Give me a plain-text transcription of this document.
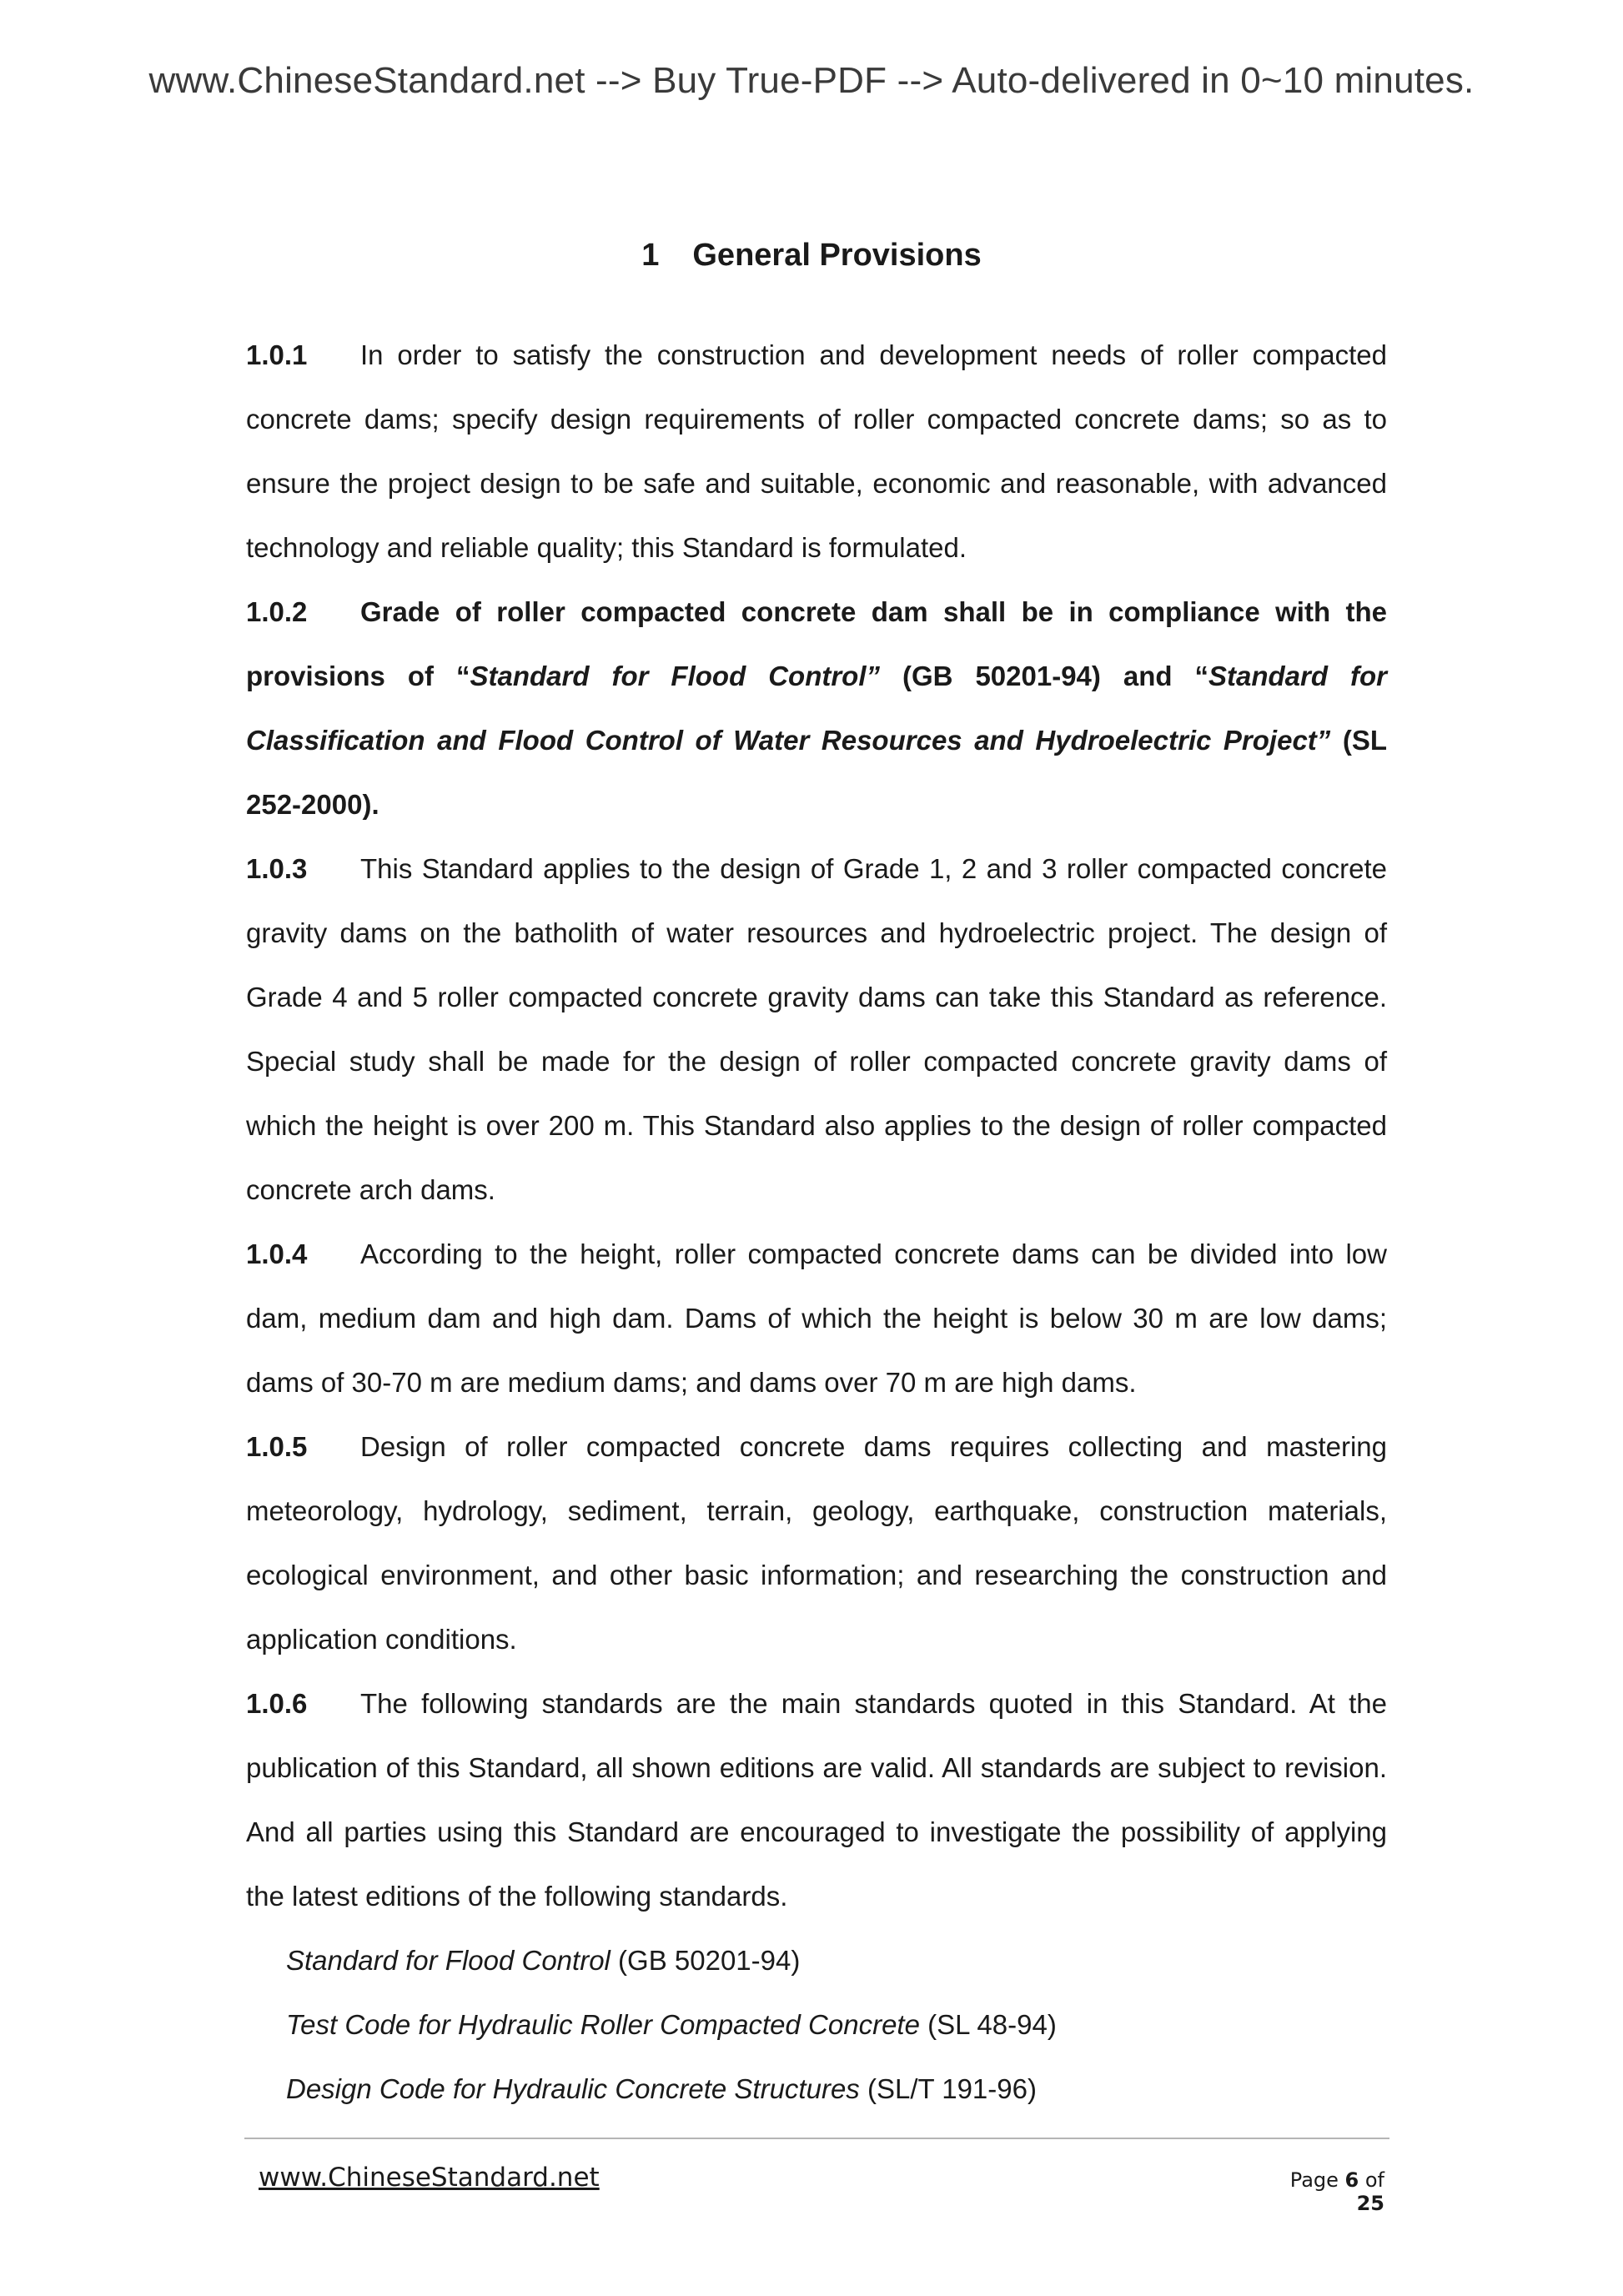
www.ChineseStandard.net --> Buy True-PDF --> Auto-delivered in 0~10 minutes.
1 General Provisions

1.0.1 In order to satisfy the construction and development needs of roller compacted concrete dams; specify design requirements of roller compacted concrete dams; so as to ensure the project design to be safe and suitable, economic and reasonable, with advanced technology and reliable quality; this Standard is formulated.

1.0.2 Grade of roller compacted concrete dam shall be in compliance with the provisions of “Standard for Flood Control” (GB 50201-94) and “Standard for Classification and Flood Control of Water Resources and Hydroelectric Project” (SL 252-2000).

1.0.3 This Standard applies to the design of Grade 1, 2 and 3 roller compacted concrete gravity dams on the batholith of water resources and hydroelectric project. The design of Grade 4 and 5 roller compacted concrete gravity dams can take this Standard as reference. Special study shall be made for the design of roller compacted concrete gravity dams of which the height is over 200 m. This Standard also applies to the design of roller compacted concrete arch dams.

1.0.4 According to the height, roller compacted concrete dams can be divided into low dam, medium dam and high dam. Dams of which the height is below 30 m are low dams; dams of 30-70 m are medium dams; and dams over 70 m are high dams.

1.0.5 Design of roller compacted concrete dams requires collecting and mastering meteorology, hydrology, sediment, terrain, geology, earthquake, construction materials, ecological environment, and other basic information; and researching the construction and application conditions.

1.0.6 The following standards are the main standards quoted in this Standard. At the publication of this Standard, all shown editions are valid. All standards are subject to revision. And all parties using this Standard are encouraged to investigate the possibility of applying the latest editions of the following standards.

Standard for Flood Control (GB 50201-94)

Test Code for Hydraulic Roller Compacted Concrete (SL 48-94)

Design Code for Hydraulic Concrete Structures (SL/T 191-96)

www.ChineseStandard.net	Page 6 of 25
